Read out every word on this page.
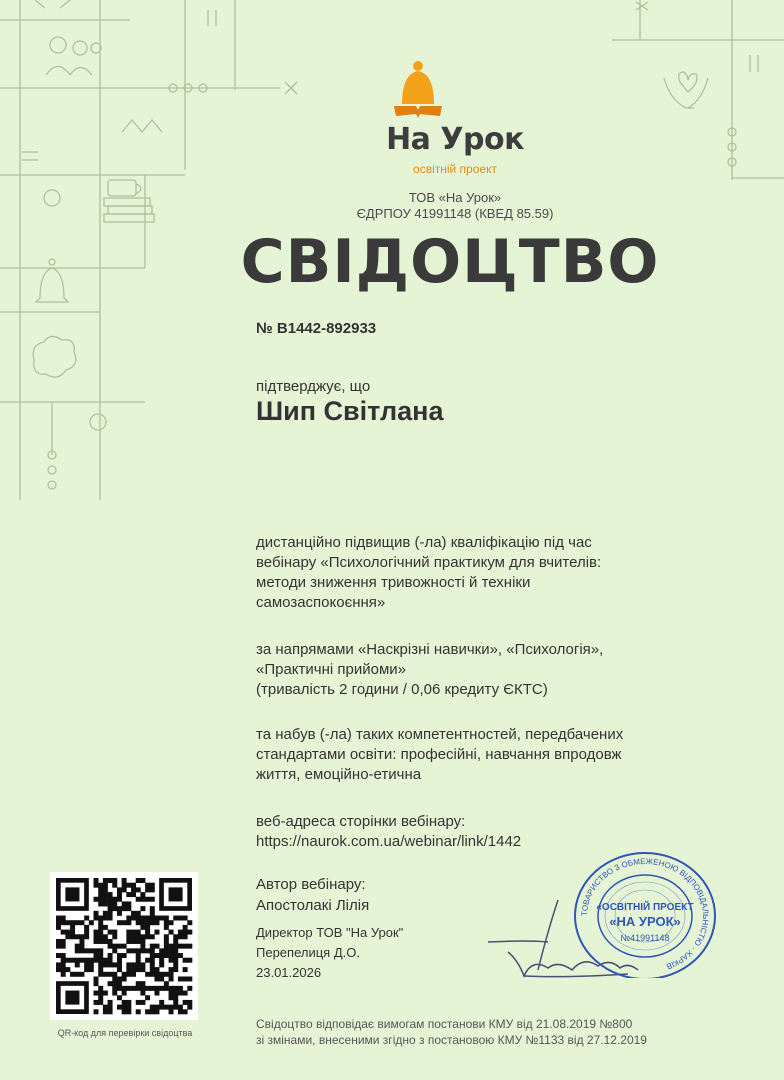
На Урок
освітній проект
ТОВ «На Урок»
ЄДРПОУ 41991148 (КВЕД 85.59)
СВІДОЦТВО
№ В1442-892933
підтверджує, що
Шип Світлана
дистанційно підвищив (-ла) кваліфікацію під час
вебінару «Психологічний практикум для вчителів:
методи зниження тривожності й техніки
самозаспокоєння»
за напрямами «Наскрізні навички», «Психологія»,
«Практичні прийоми»
(тривалість 2 години / 0,06 кредиту ЄКТС)
та набув (-ла) таких компетентностей, передбачених
стандартами освіти: професійні, навчання впродовж
життя, емоційно-етична
веб-адреса сторінки вебінару:
https://naurok.com.ua/webinar/link/1442
Автор вебінару:
Апостолакі Лілія
Директор ТОВ "На Урок"
Перепелиця Д.О.
23.01.2026
QR-код для перевірки свідоцтва
ТОВАРИСТВО З ОБМЕЖЕНОЮ ВІДПОВІДАЛЬНІСТЮ · ХАРКІВ
«ОСВІТНІЙ ПРОЕКТ
«НА УРОК»
№41991148
Свідоцтво відповідає вимогам постанови КМУ від 21.08.2019 №800
зі змінами, внесеними згідно з постановою КМУ №1133 від 27.12.2019
